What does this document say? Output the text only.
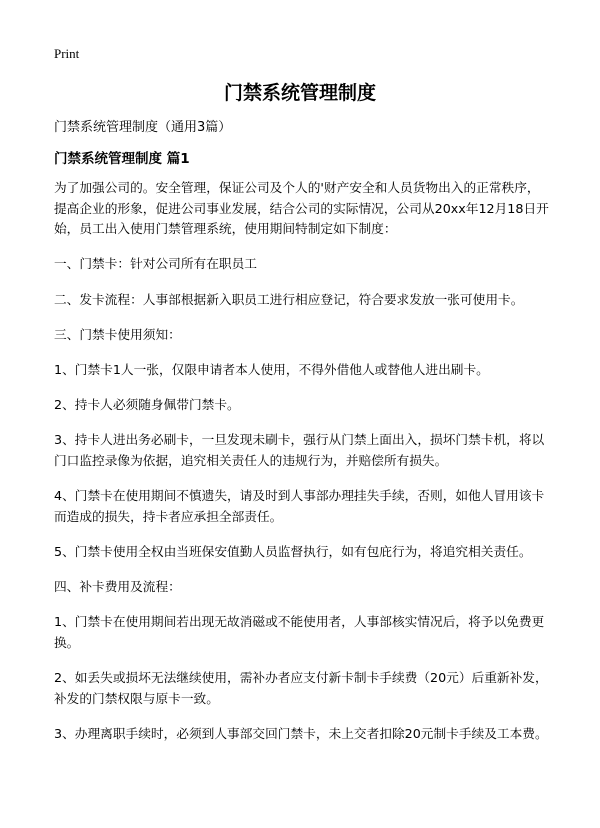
Print
门禁系统管理制度

门禁系统管理制度（通用3篇）

门禁系统管理制度 篇1

为了加强公司的。安全管理，保证公司及个人的'财产安全和人员货物出入的正常秩序，提高企业的形象，促进公司事业发展，结合公司的实际情况，公司从20xx年12月18日开始，员工出入使用门禁管理系统，使用期间特制定如下制度：

一、门禁卡：针对公司所有在职员工

二、发卡流程：人事部根据新入职员工进行相应登记，符合要求发放一张可使用卡。

三、门禁卡使用须知：

1、门禁卡1人一张，仅限申请者本人使用，不得外借他人或替他人进出刷卡。

2、持卡人必须随身佩带门禁卡。

3、持卡人进出务必刷卡，一旦发现未刷卡，强行从门禁上面出入，损坏门禁卡机，将以门口监控录像为依据，追究相关责任人的违规行为，并赔偿所有损失。

4、门禁卡在使用期间不慎遗失，请及时到人事部办理挂失手续，否则，如他人冒用该卡而造成的损失，持卡者应承担全部责任。

5、门禁卡使用全权由当班保安值勤人员监督执行，如有包庇行为，将追究相关责任。

四、补卡费用及流程：

1、门禁卡在使用期间若出现无故消磁或不能使用者，人事部核实情况后，将予以免费更换。

2、如丢失或损坏无法继续使用，需补办者应支付新卡制卡手续费（20元）后重新补发，补发的门禁权限与原卡一致。

3、办理离职手续时，必须到人事部交回门禁卡，未上交者扣除20元制卡手续及工本费。
